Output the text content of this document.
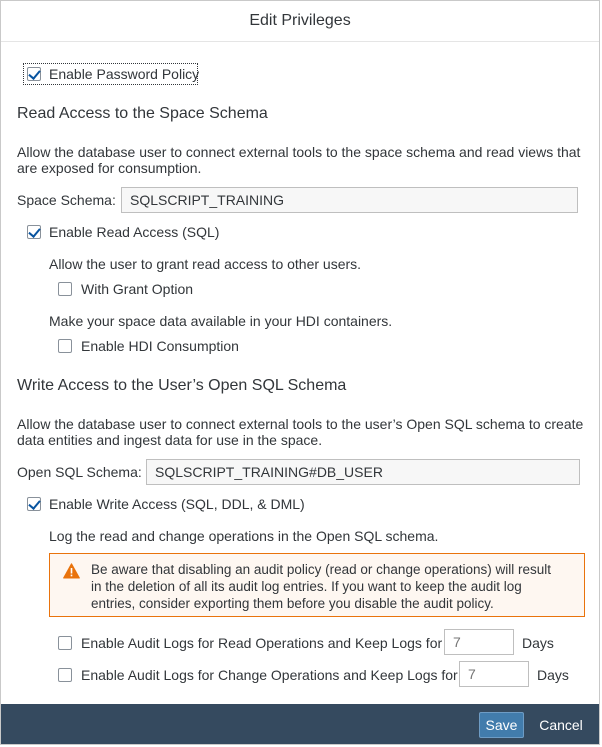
Edit Privileges
Enable Password Policy
Read Access to the Space Schema
Allow the database user to connect external tools to the space schema and read views that
are exposed for consumption.
Space Schema:	SQLSCRIPT_TRAINING
Enable Read Access (SQL)
Allow the user to grant read access to other users.
With Grant Option
Make your space data available in your HDI containers.
Enable HDI Consumption
Write Access to the User’s Open SQL Schema
Allow the database user to connect external tools to the user’s Open SQL schema to create
data entities and ingest data for use in the space.
Open SQL Schema: SQLSCRIPT_TRAINING#DB_USER
Enable Write Access (SQL, DDL, & DML)
Log the read and change operations in the Open SQL schema.
Be aware that disabling an audit policy (read or change operations) will result
in the deletion of all its audit log entries. If you want to keep the audit log
entries, consider exporting them before you disable the audit policy.
Enable Audit Logs for Read Operations and Keep Logs for
7	Days
Enable Audit Logs for Change Operations and Keep Logs for
7	Days
Save	Cancel
